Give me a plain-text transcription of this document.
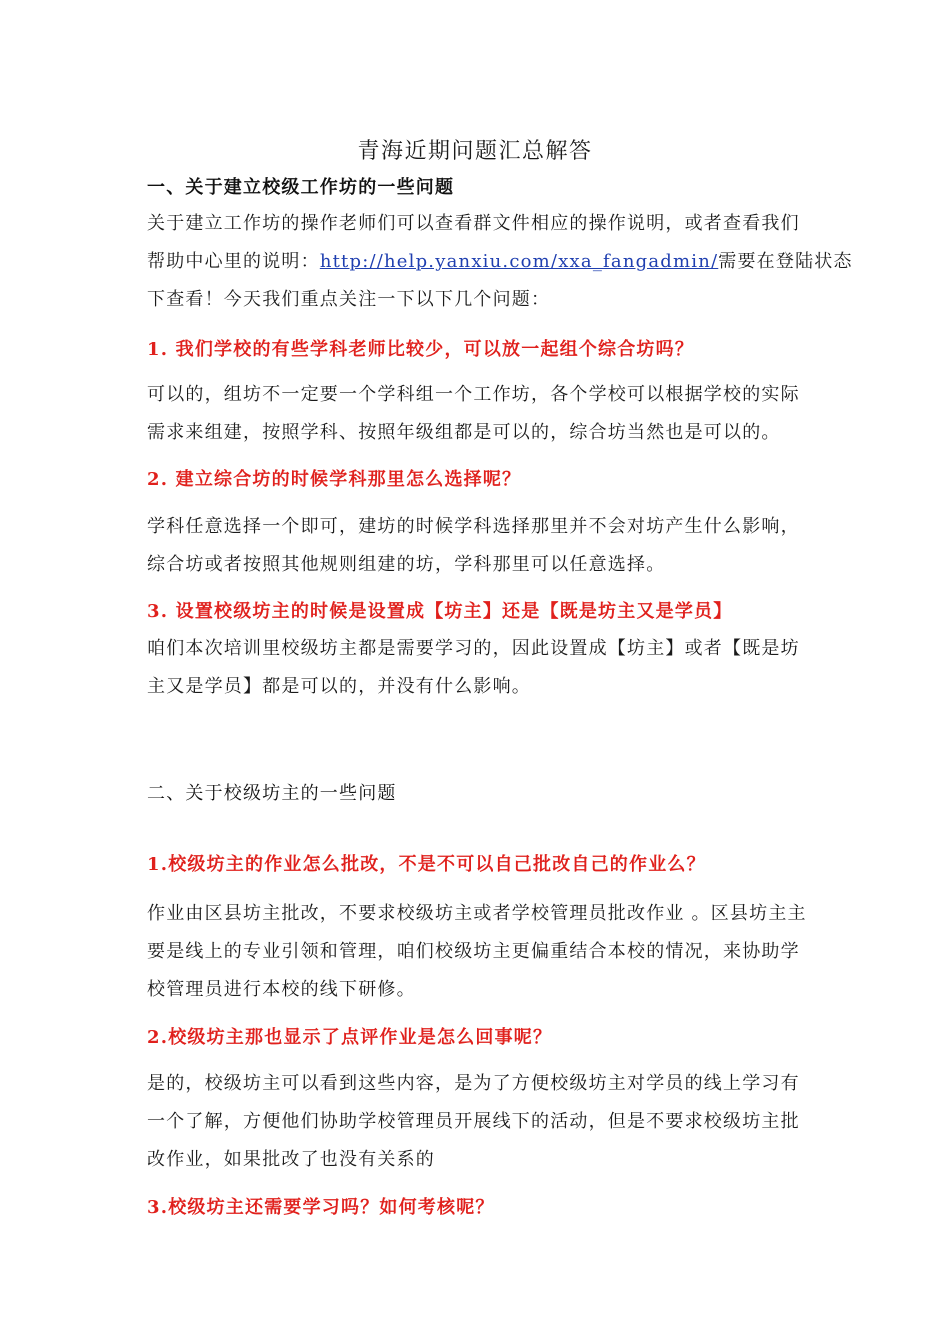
青海近期问题汇总解答
一、关于建立校级工作坊的一些问题
关于建立工作坊的操作老师们可以查看群文件相应的操作说明，或者查看我们
帮助中心里的说明：http://help.yanxiu.com/xxa_fangadmin/需要在登陆状态
下查看！今天我们重点关注一下以下几个问题：
1. 我们学校的有些学科老师比较少，可以放一起组个综合坊吗？
可以的，组坊不一定要一个学科组一个工作坊，各个学校可以根据学校的实际
需求来组建，按照学科、按照年级组都是可以的，综合坊当然也是可以的。
2. 建立综合坊的时候学科那里怎么选择呢？
学科任意选择一个即可，建坊的时候学科选择那里并不会对坊产生什么影响，
综合坊或者按照其他规则组建的坊，学科那里可以任意选择。
3. 设置校级坊主的时候是设置成【坊主】还是【既是坊主又是学员】
咱们本次培训里校级坊主都是需要学习的，因此设置成【坊主】或者【既是坊
主又是学员】都是可以的，并没有什么影响。
二、关于校级坊主的一些问题
1.校级坊主的作业怎么批改，不是不可以自己批改自己的作业么？
作业由区县坊主批改，不要求校级坊主或者学校管理员批改作业 。区县坊主主
要是线上的专业引领和管理，咱们校级坊主更偏重结合本校的情况，来协助学
校管理员进行本校的线下研修。
2.校级坊主那也显示了点评作业是怎么回事呢？
是的，校级坊主可以看到这些内容，是为了方便校级坊主对学员的线上学习有
一个了解，方便他们协助学校管理员开展线下的活动，但是不要求校级坊主批
改作业，如果批改了也没有关系的
3.校级坊主还需要学习吗？如何考核呢？
